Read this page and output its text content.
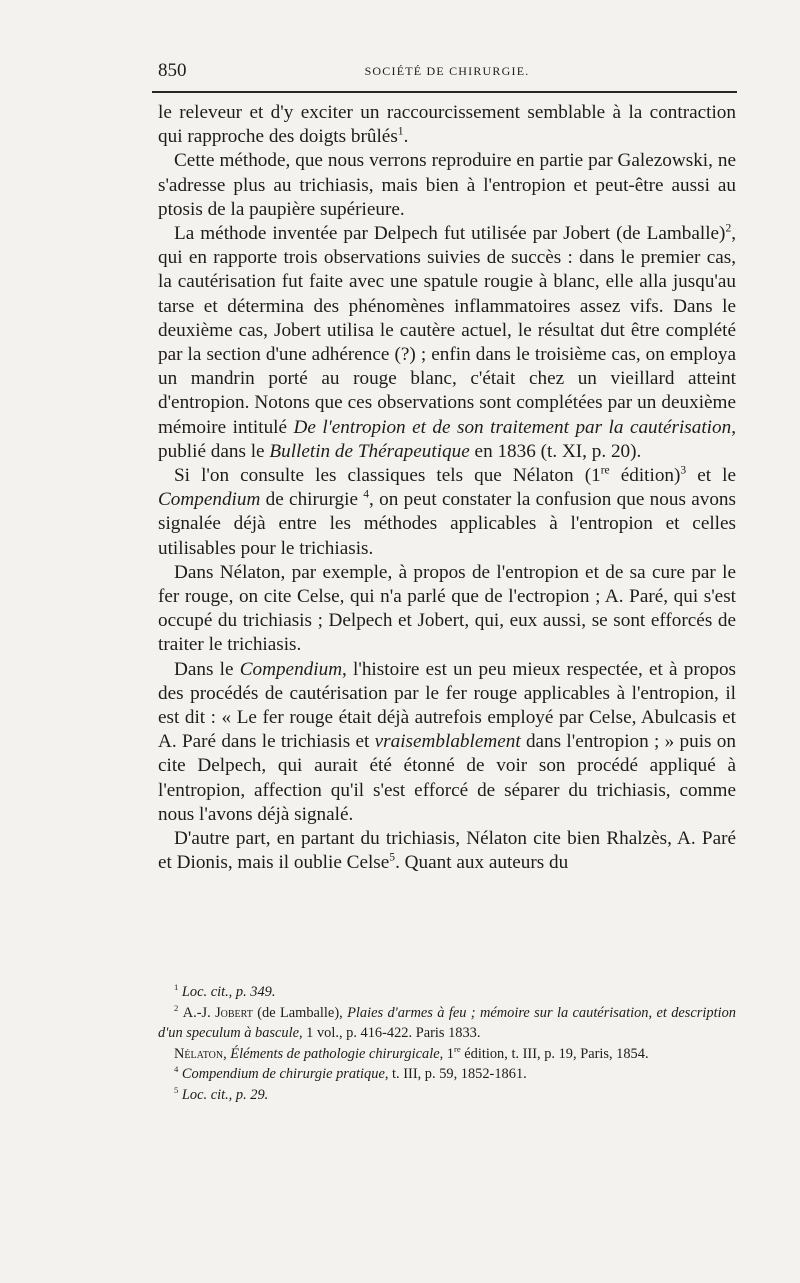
850	SOCIÉTÉ DE CHIRURGIE.

le releveur et d'y exciter un raccourcissement semblable à la contraction qui rapproche des doigts brûlés$^1$.

Cette méthode, que nous verrons reproduire en partie par Galezowski, ne s'adresse plus au trichiasis, mais bien à l'entropion et peut-être aussi au ptosis de la paupière supérieure.

La méthode inventée par Delpech fut utilisée par Jobert (de Lamballe)$^2$, qui en rapporte trois observations suivies de succès : dans le premier cas, la cautérisation fut faite avec une spatule rougie à blanc, elle alla jusqu'au tarse et détermina des phénomènes inflammatoires assez vifs. Dans le deuxième cas, Jobert utilisa le cautère actuel, le résultat dut être complété par la section d'une adhérence (?) ; enfin dans le troisième cas, on employa un mandrin porté au rouge blanc, c'était chez un vieillard atteint d'entropion. Notons que ces observations sont complétées par un deuxième mémoire intitulé De l'entropion et de son traitement par la cautérisation, publié dans le Bulletin de Thérapeutique en 1836 (t. XI, p. 20).

Si l'on consulte les classiques tels que Nélaton (1re édition)$^3$ et le Compendium de chirurgie $^4$, on peut constater la confusion que nous avons signalée déjà entre les méthodes applicables à l'entropion et celles utilisables pour le trichiasis.

Dans Nélaton, par exemple, à propos de l'entropion et de sa cure par le fer rouge, on cite Celse, qui n'a parlé que de l'ectropion ; A. Paré, qui s'est occupé du trichiasis ; Delpech et Jobert, qui, eux aussi, se sont efforcés de traiter le trichiasis.

Dans le Compendium, l'histoire est un peu mieux respectée, et à propos des procédés de cautérisation par le fer rouge applicables à l'entropion, il est dit : « Le fer rouge était déjà autrefois employé par Celse, Abulcasis et A. Paré dans le trichiasis et vraisemblablement dans l'entropion ; » puis on cite Delpech, qui aurait été étonné de voir son procédé appliqué à l'entropion, affection qu'il s'est efforcé de séparer du trichiasis, comme nous l'avons déjà signalé.

D'autre part, en partant du trichiasis, Nélaton cite bien Rhalzès, A. Paré et Dionis, mais il oublie Celse$^5$. Quant aux auteurs du

$^1$ Loc. cit., p. 349.

$^2$ A.-J. Jobert (de Lamballe), Plaies d'armes à feu ; mémoire sur la cautérisation, et description d'un speculum à bascule, 1 vol., p. 416-422. Paris 1833.

Nélaton, Éléments de pathologie chirurgicale, 1re édition, t. III, p. 19, Paris, 1854.

$^4$ Compendium de chirurgie pratique, t. III, p. 59, 1852-1861.

$^5$ Loc. cit., p. 29.
